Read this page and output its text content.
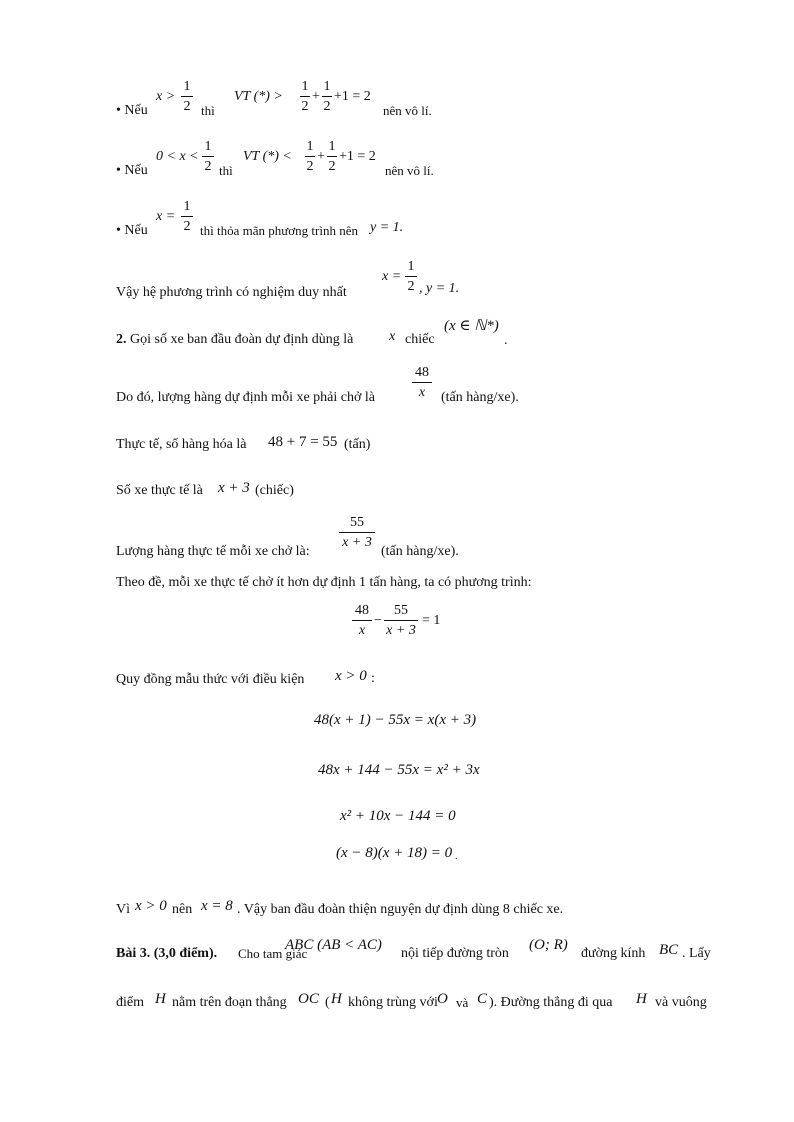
• Nếu
x >
1
2 thì
VT (*) >
1
2
+
1
2
+1 = 2
nên vô lí.
• Nếu
0 < x <
1
2 thì
VT (*) <
1
2
+
1
2
+1 = 2
nên vô lí.
• Nếu
x =
1
2 thì thỏa mãn phương trình nên y = 1.
Vậy hệ phương trình có nghiệm duy nhất
x =
1
2 , y = 1.
2. Gọi số xe ban đầu đoàn dự định dùng là	x chiếc
(x ∈ ℕ*)
.
Do đó, lượng hàng dự định mỗi xe phải chở là
48
x	(tấn hàng/xe).
Thực tế, số hàng hóa là 48 + 7 = 55 (tấn)
Số xe thực tế là x + 3 (chiếc)
Lượng hàng thực tế mỗi xe chở là:
55
x + 3
(tấn hàng/xe).
Theo đề, mỗi xe thực tế chở ít hơn dự định 1 tấn hàng, ta có phương trình:
48
x
−
55
x + 3
= 1
Quy đồng mẫu thức với điều kiện x > 0 :
48(x + 1) − 55x = x(x + 3)
48x + 144 − 55x = x² + 3x
x² + 10x − 144 = 0
(x − 8)(x + 18) = 0 .
Vì x > 0 nên x = 8 . Vậy ban đầu đoàn thiện nguyện dự định dùng 8 chiếc xe.
Bài 3. (3,0 điểm). Cho tam giác
ABC (AB < AC)
nội tiếp đường tròn
(O; R)
đường kính BC . Lấy
điểm H nằm trên đoạn thẳng OC ( H không trùng với O và C ). Đường thẳng đi qua H và vuông
